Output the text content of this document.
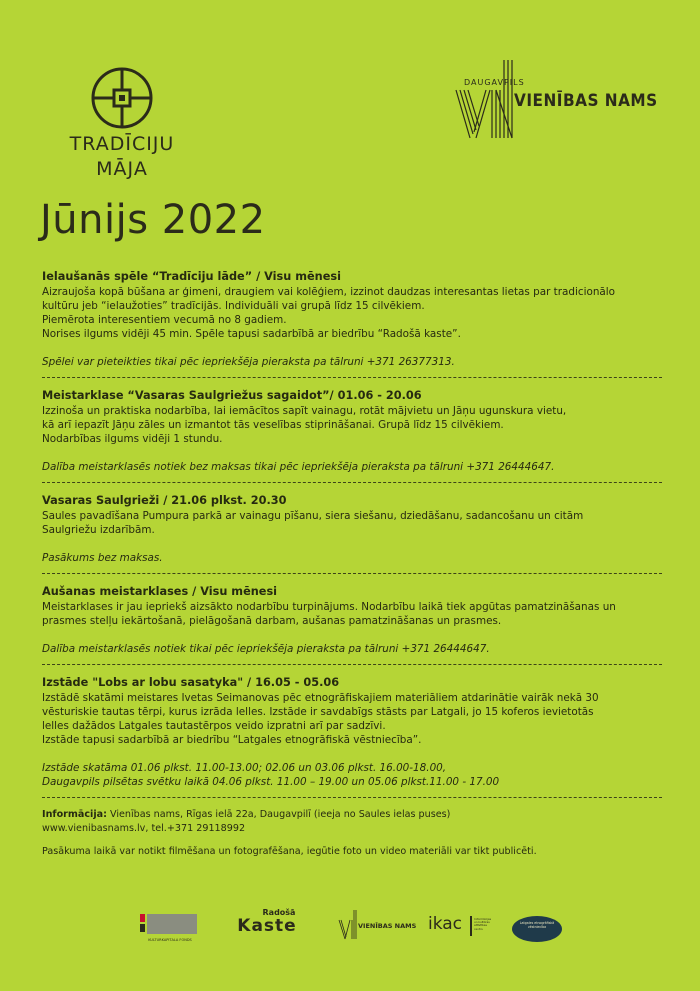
TRADĪCIJU
MĀJA
DAUGAVPILS
VIENĪBAS NAMS
Jūnijs 2022
Ielaušanās spēle “Tradīciju lāde” / Visu mēnesi

Aizraujoša kopā būšana ar ģimeni, draugiem vai kolēģiem, izzinot daudzas interesantas lietas par tradicionālo

kultūru jeb “ielaužoties” tradīcijās. Individuāli vai grupā līdz 15 cilvēkiem.

Piemērota interesentiem vecumā no 8 gadiem.

Norises ilgums vidēji 45 min. Spēle tapusi sadarbībā ar biedrību “Radošā kaste”.

Spēlei var pieteikties tikai pēc iepriekšēja pieraksta pa tālruni +371 26377313.

Meistarklase “Vasaras Saulgriežus sagaidot”/ 01.06 - 20.06

Izzinoša un praktiska nodarbība, lai iemācītos sapīt vainagu, rotāt mājvietu un Jāņu ugunskura vietu,

kā arī iepazīt Jāņu zāles un izmantot tās veselības stiprināšanai. Grupā līdz 15 cilvēkiem.

Nodarbības ilgums vidēji 1 stundu.

Dalība meistarklasēs notiek bez maksas tikai pēc iepriekšēja pieraksta pa tālruni +371 26444647.

Vasaras Saulgrieži / 21.06 plkst. 20.30

Saules pavadīšana Pumpura parkā ar vainagu pīšanu, siera siešanu, dziedāšanu, sadancošanu un citām

Saulgriežu izdarībām.

Pasākums bez maksas.

Aušanas meistarklases / Visu mēnesi

Meistarklases ir jau iepriekš aizsākto nodarbību turpinājums. Nodarbību laikā tiek apgūtas pamatzināšanas un

prasmes stelļu iekārtošanā, pielāgošanā darbam, aušanas pamatzināšanas un prasmes.

Dalība meistarklasēs notiek tikai pēc iepriekšēja pieraksta pa tālruni +371 26444647.

Izstāde "Lobs ar lobu sasatyka" / 16.05 - 05.06

Izstādē skatāmi meistares Ivetas Seimanovas pēc etnogrāfiskajiem materiāliem atdarinātie vairāk nekā 30

vēsturiskie tautas tērpi, kurus izrāda lelles. Izstāde ir savdabīgs stāsts par Latgali, jo 15 koferos ievietotās

lelles dažādos Latgales tautastērpos veido izpratni arī par sadzīvi.

Izstāde tapusi sadarbībā ar biedrību “Latgales etnogrāfiskā vēstniecība”.

Izstāde skatāma 01.06 plkst. 11.00-13.00; 02.06 un 03.06 plkst. 16.00-18.00,

Daugavpils pilsētas svētku laikā 04.06 plkst. 11.00 – 19.00 un 05.06 plkst.11.00 - 17.00

Informācija: Vienības nams, Rīgas ielā 22a, Daugavpilī (ieeja no Saules ielas puses)
www.vienibasnams.lv, tel.+371 29118992
Pasākuma laikā var notikt filmēšana un fotografēšana, iegūtie foto un video materiāli var tikt publicēti.
KULTŪRKAPITĀLA FONDS
Radošā
Kaste	VIENĪBAS NAMS ikac	Informācijas un kultūras attīstības centrs
Latgales etnogrāfiskā vēstniecība
